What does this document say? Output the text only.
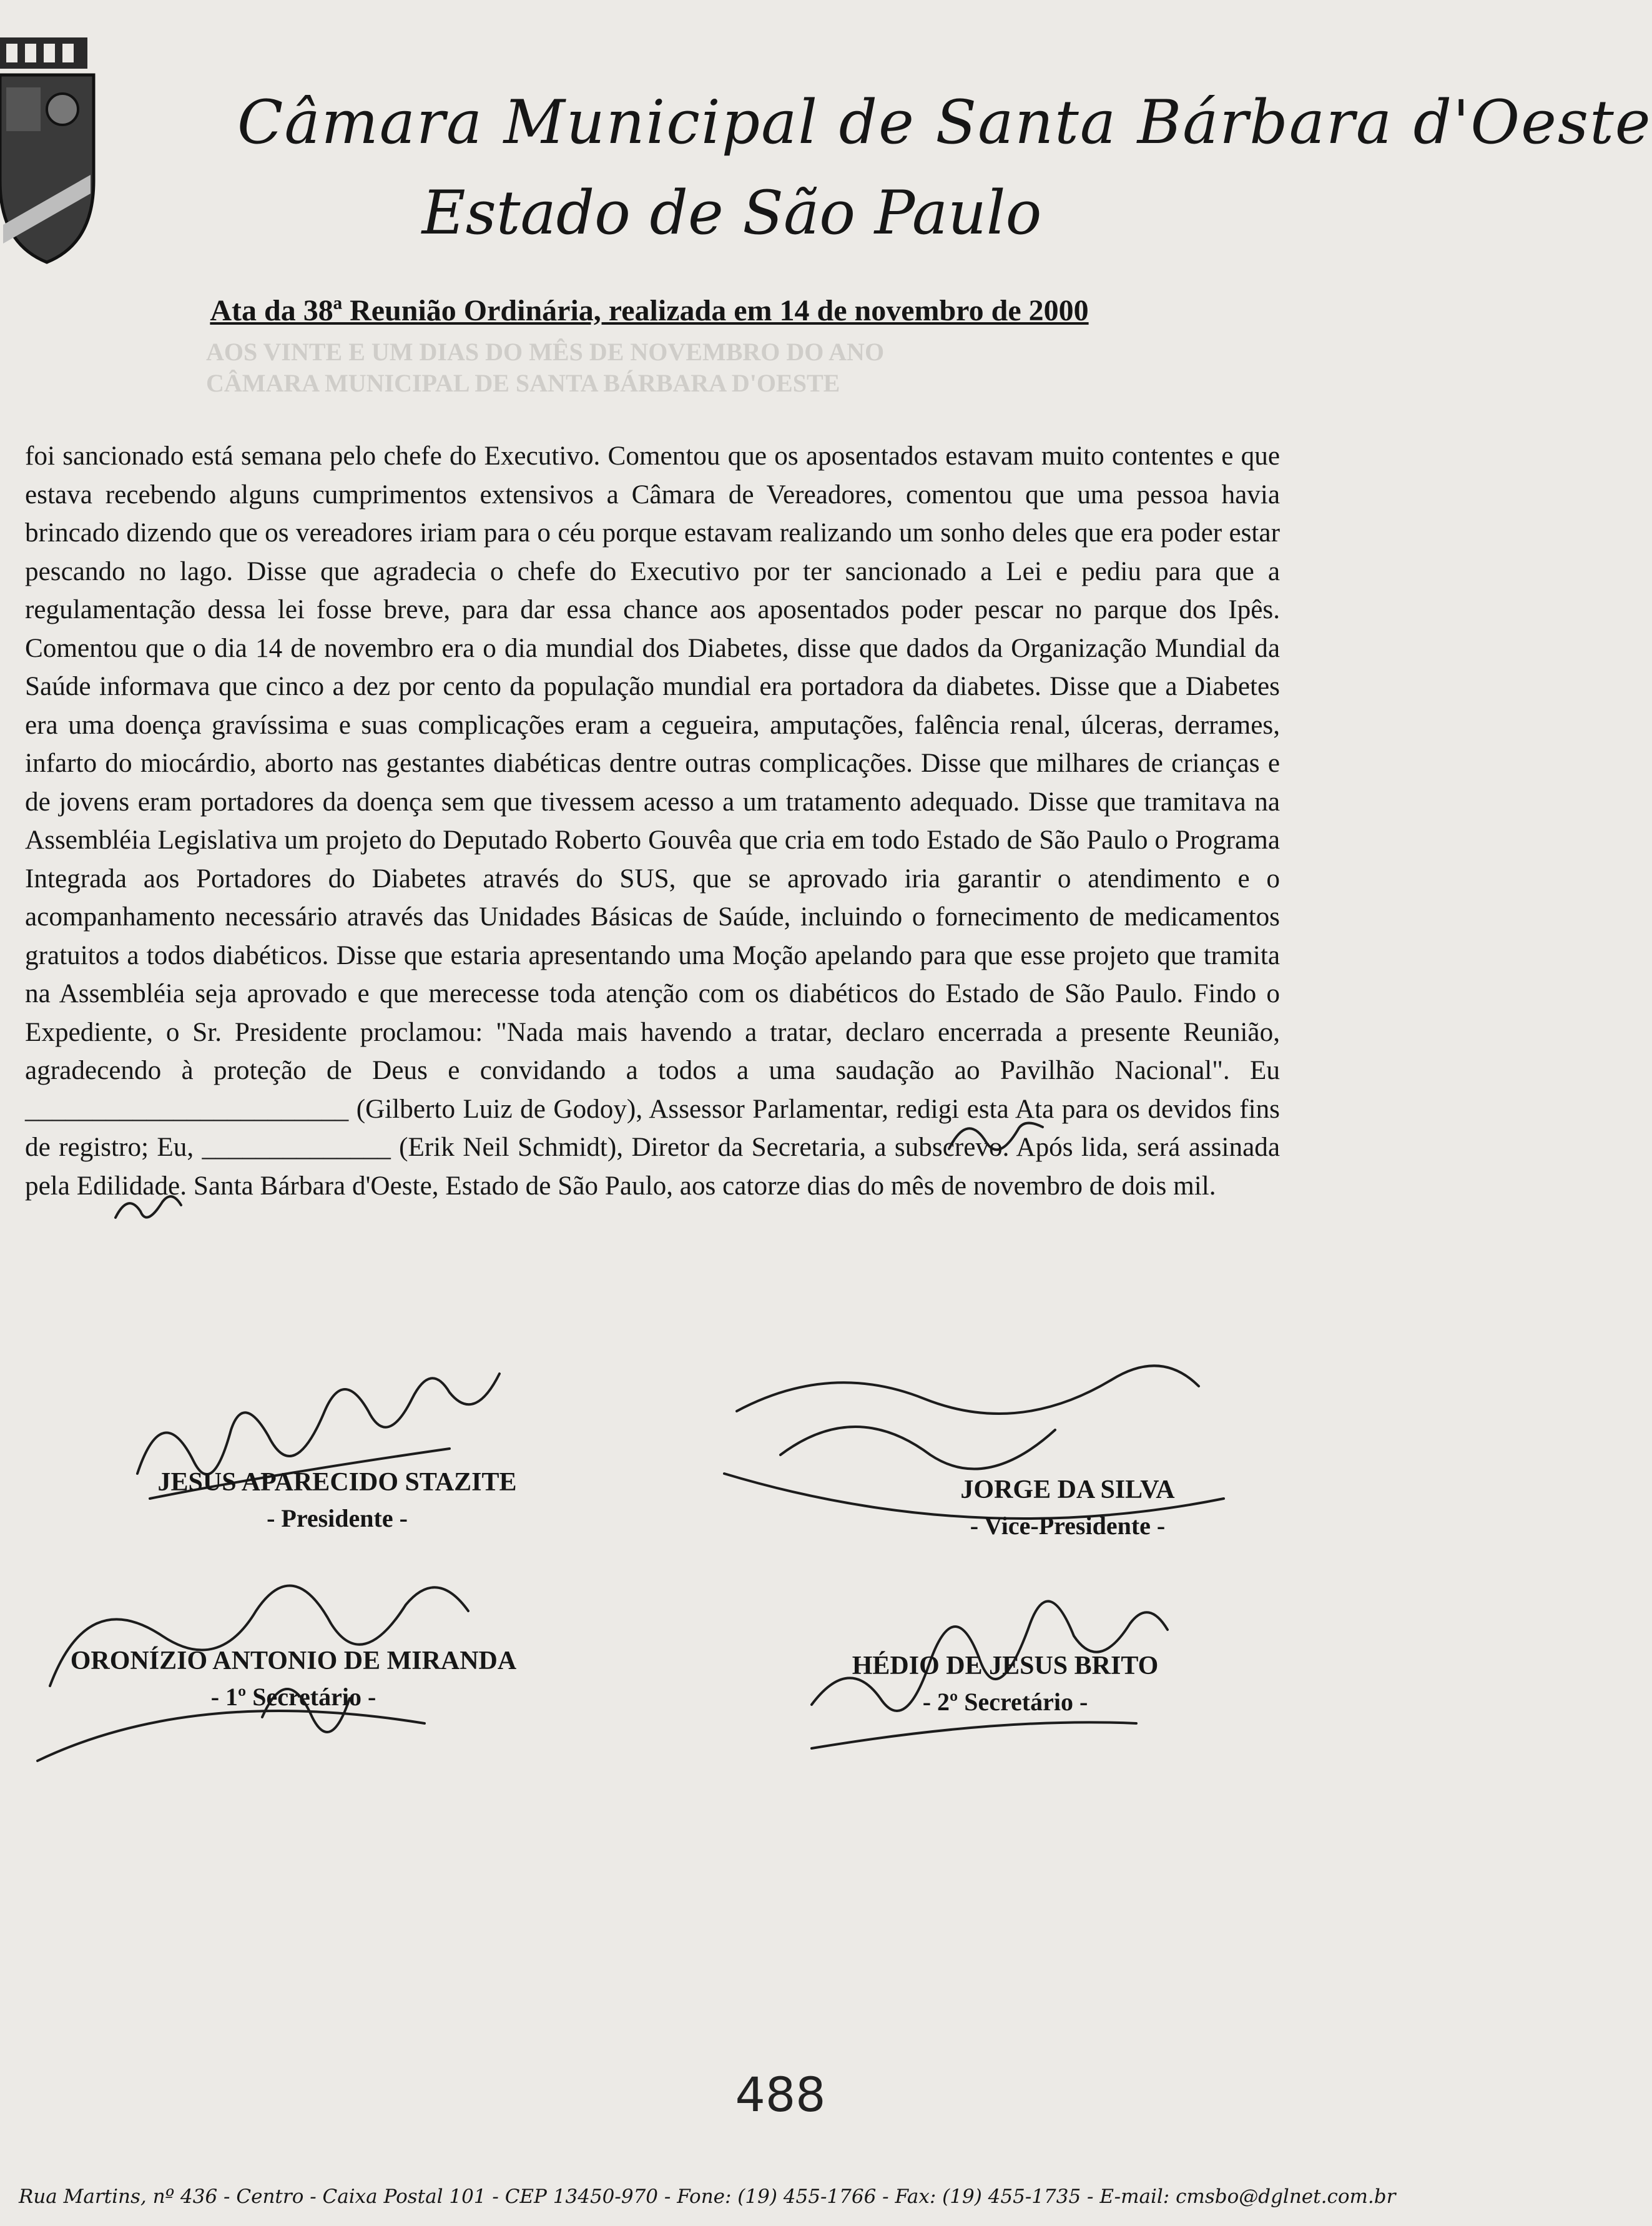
AOS VINTE E UM DIAS DO MÊS DE NOVEMBRO DO ANO
CÂMARA MUNICIPAL DE SANTA BÁRBARA D'OESTE
Câmara Municipal de Santa Bárbara d'Oeste
Estado de São Paulo
Ata da 38ª Reunião Ordinária, realizada em 14 de novembro de 2000

foi sancionado está semana pelo chefe do Executivo. Comentou que os aposentados estavam muito contentes e que estava recebendo alguns cumprimentos extensivos a Câmara de Vereadores, comentou que uma pessoa havia brincado dizendo que os vereadores iriam para o céu porque estavam realizando um sonho deles que era poder estar pescando no lago. Disse que agradecia o chefe do Executivo por ter sancionado a Lei e pediu para que a regulamentação dessa lei fosse breve, para dar essa chance aos aposentados poder pescar no parque dos Ipês. Comentou que o dia 14 de novembro era o dia mundial dos Diabetes, disse que dados da Organização Mundial da Saúde informava que cinco a dez por cento da população mundial era portadora da diabetes. Disse que a Diabetes era uma doença gravíssima e suas complicações eram a cegueira, amputações, falência renal, úlceras, derrames, infarto do miocárdio, aborto nas gestantes diabéticas dentre outras complicações. Disse que milhares de crianças e de jovens eram portadores da doença sem que tivessem acesso a um tratamento adequado. Disse que tramitava na Assembléia Legislativa um projeto do Deputado Roberto Gouvêa que cria em todo Estado de São Paulo o Programa Integrada aos Portadores do Diabetes através do SUS, que se aprovado iria garantir o atendimento e o acompanhamento necessário através das Unidades Básicas de Saúde, incluindo o fornecimento de medicamentos gratuitos a todos diabéticos. Disse que estaria apresentando uma Moção apelando para que esse projeto que tramita na Assembléia seja aprovado e que merecesse toda atenção com os diabéticos do Estado de São Paulo. Findo o Expediente, o Sr. Presidente proclamou: "Nada mais havendo a tratar, declaro encerrada a presente Reunião, agradecendo à proteção de Deus e convidando a todos a uma saudação ao Pavilhão Nacional". Eu ________________________ (Gilberto Luiz de Godoy), Assessor Parlamentar, redigi esta Ata para os devidos fins de registro; Eu, ______________ (Erik Neil Schmidt), Diretor da Secretaria, a subscrevo. Após lida, será assinada pela Edilidade. Santa Bárbara d'Oeste, Estado de São Paulo, aos catorze dias do mês de novembro de dois mil.

JESUS APARECIDO STAZITE
- Presidente -
JORGE DA SILVA
- Vice-Presidente -
ORONÍZIO ANTONIO DE MIRANDA
- 1º Secretário -
HÉDIO DE JESUS BRITO
- 2º Secretário -
488
Rua Martins, nº 436 - Centro - Caixa Postal 101 - CEP 13450-970 - Fone: (19) 455-1766 - Fax: (19) 455-1735 - E-mail: cmsbo@dglnet.com.br
